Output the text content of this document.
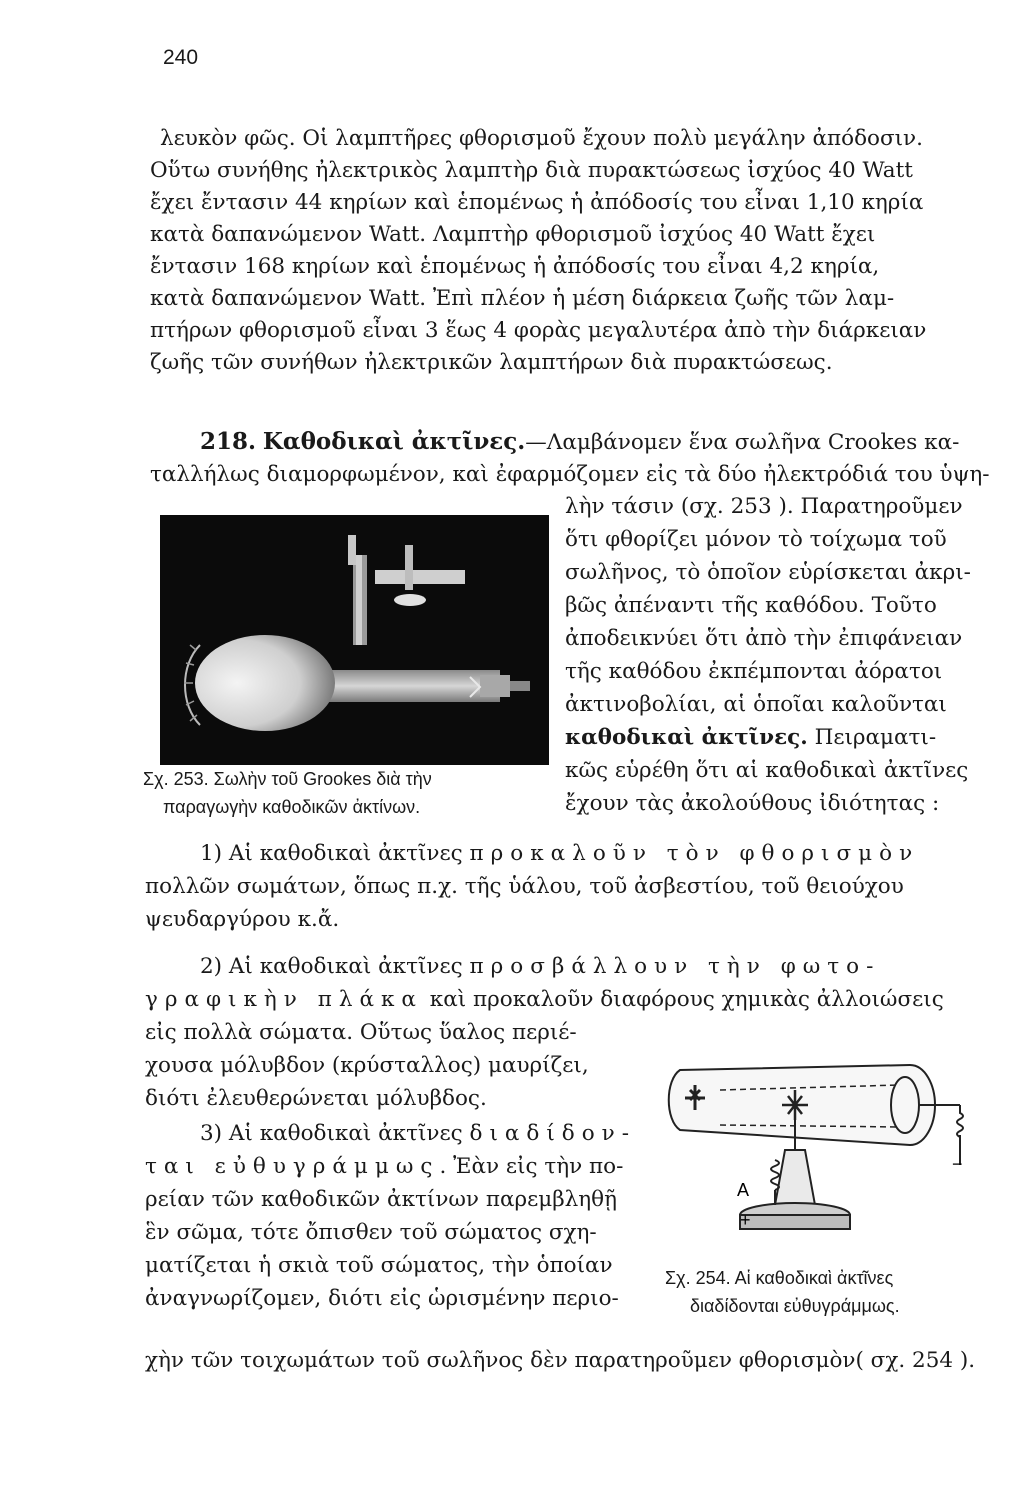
240
λευκὸν φῶς. Οἱ λαμπτῆρες φθορισμοῦ ἔχουν πολὺ μεγάλην ἀπόδοσιν.
Οὕτω συνήθης ἠλεκτρικὸς λαμπτὴρ διὰ πυρακτώσεως ἰσχύος 40 Watt
ἔχει ἔντασιν 44 κηρίων καὶ ἑπομένως ἡ ἀπόδοσίς του εἶναι 1,10 κηρία
κατὰ δαπανώμενον Watt. Λαμπτὴρ φθορισμοῦ ἰσχύος 40 Watt ἔχει
ἔντασιν 168 κηρίων καὶ ἑπομένως ἡ ἀπόδοσίς του εἶναι 4,2 κηρία,
κατὰ δαπανώμενον Watt. Ἐπὶ πλέον ἡ μέση διάρκεια ζωῆς τῶν λαμ-
πτήρων φθορισμοῦ εἶναι 3 ἕως 4 φορὰς μεγαλυτέρα ἀπὸ τὴν διάρκειαν
ζωῆς τῶν συνήθων ἠλεκτρικῶν λαμπτήρων διὰ πυρακτώσεως.
218. Καθοδικαὶ ἀκτῖνες.—Λαμβάνομεν ἕνα σωλῆνα Crookes κα-
ταλλήλως διαμορφωμένον, καὶ ἐφαρμόζομεν εἰς τὰ δύο ἠλεκτρόδιά του ὑψη-
λὴν τάσιν (σχ. 253 ). Παρατηροῦμεν
ὅτι φθορίζει μόνον τὸ τοίχωμα τοῦ
σωλῆνος, τὸ ὁποῖον εὑρίσκεται ἀκρι-
βῶς ἀπέναντι τῆς καθόδου. Τοῦτο
ἀποδεικνύει ὅτι ἀπὸ τὴν ἐπιφάνειαν
τῆς καθόδου ἐκπέμπονται ἀόρατοι
ἀκτινοβολίαι, αἱ ὁποῖαι καλοῦνται
καθοδικαὶ ἀκτῖνες. Πειραματι-
κῶς εὑρέθη ὅτι αἱ καθοδικαὶ ἀκτῖνες
ἔχουν τὰς ἀκολούθους ἰδιότητας :
Σχ. 253. Σωλὴν τοῦ Grookes διὰ τὴν
παραγωγὴν καθοδικῶν ἀκτίνων.
1) Αἱ καθοδικαὶ ἀκτῖνες προκαλοῦν τὸν φθορισμὸν
πολλῶν σωμάτων, ὅπως π.χ. τῆς ὑάλου, τοῦ ἀσβεστίου, τοῦ θειούχου
ψευδαργύρου κ.ἄ.
2) Αἱ καθοδικαὶ ἀκτῖνες προσβάλλουν τὴν φωτο-
γραφικὴν πλάκα καὶ προκαλοῦν διαφόρους χημικὰς ἀλλοιώσεις
εἰς πολλὰ σώματα. Οὕτως ὕαλος περιέ-
χουσα μόλυβδον (κρύσταλλος) μαυρίζει,
διότι ἐλευθερώνεται μόλυβδος.
3) Αἱ καθοδικαὶ ἀκτῖνες διαδίδον-
ται εὐθυγράμμως. Ἐὰν εἰς τὴν πο-
ρείαν τῶν καθοδικῶν ἀκτίνων παρεμβληθῇ
ἓν σῶμα, τότε ὄπισθεν τοῦ σώματος σχη-
ματίζεται ἡ σκιὰ τοῦ σώματος, τὴν ὁποίαν
ἀναγνωρίζομεν, διότι εἰς ὡρισμένην περιο-
χὴν τῶν τοιχωμάτων τοῦ σωλῆνος δὲν παρατηροῦμεν φθορισμὸν( σχ. 254 ).
A
+
−
Σχ. 254. Αἱ καθοδικαὶ ἀκτῖνες
διαδίδονται εὐθυγράμμως.
